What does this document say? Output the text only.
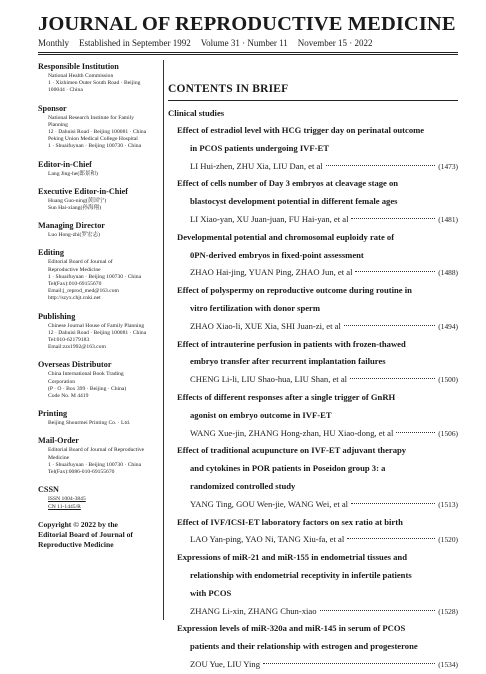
JOURNAL OF REPRODUCTIVE MEDICINE
Monthly Established in September 1992 Volume 31 · Number 11 November 15 · 2022
Responsible Institution
National Health Commission
1 · Xizhimen Outer South Road · Beijing
100044 · China
Sponsor
National Research Institute for Family
Planning
12 · Dahuisi Road · Beijing 100081 · China
Peking Union Medical College Hospital
1 · Shuaifuyuan · Beijing 100730 · China
Editor-in-Chief
Lang Jing-he(郎景和)
Executive Editor-in-Chief
Huang Guo-ning(黄国宁)
Sun Hai-xiang(孙海翔)
Managing Director
Luo Hong-zhi(罗宏志)
Editing
Editorial Board of Journal of
Reproductive Medicine
1 · Shuaifuyuan · Beijing 100730 · China
Tel(Fax):010-69155670
Email:j_reprod_med@163.com
http://szyx.chjt.cnki.net
Publishing
Chinese Journal House of Family Planning
12 · Dahuisi Road · Beijing 100081 · China
Tel:010-62179183
Email:zzs1992@163.com
Overseas Distributor
China International Book Trading
Corporation
(P · O · Box 399 · Beijing · China)
Code No. M 4419
Printing
Beijing Shourmei Printing Co. · Ltd.
Mail-Order
Editorial Board of Journal of Reproductive
Medicine
1 · Shuaifuyuan · Beijing 100730 · China
Tel(Fax):0086-010-69155670
CSSN
ISSN 1004-3845
CN 11-1445/R
Copyright © 2022 by the
Editorial Board of Journal of
Reproductive Medicine
CONTENTS IN BRIEF
Clinical studies
Effect of estradiol level with HCG trigger day on perinatal outcome
in PCOS patients undergoing IVF-ET
LI Hui-zhen, ZHU Xia, LIU Dan, et al	(1473)
Effect of cells number of Day 3 embryos at cleavage stage on
blastocyst development potential in different female ages
LI Xiao-yan, XU Juan-juan, FU Hai-yan, et al	(1481)
Developmental potential and chromosomal euploidy rate of
0PN-derived embryos in fixed-point assessment
ZHAO Hai-jing, YUAN Ping, ZHAO Jun, et al	(1488)
Effect of polyspermy on reproductive outcome during routine in
vitro fertilization with donor sperm
ZHAO Xiao-li, XUE Xia, SHI Juan-zi, et al	(1494)
Effect of intrauterine perfusion in patients with frozen-thawed
embryo transfer after recurrent implantation failures
CHENG Li-li, LIU Shao-hua, LIU Shan, et al	(1500)
Effects of different responses after a single trigger of GnRH
agonist on embryo outcome in IVF-ET
WANG Xue-jin, ZHANG Hong-zhan, HU Xiao-dong, et al	(1506)
Effect of traditional acupuncture on IVF-ET adjuvant therapy
and cytokines in POR patients in Poseidon group 3: a
randomized controlled study
YANG Ting, GOU Wen-jie, WANG Wei, et al	(1513)
Effect of IVF/ICSI-ET laboratory factors on sex ratio at birth
LAO Yan-ping, YAO Ni, TANG Xiu-fa, et al	(1520)
Expressions of miR-21 and miR-155 in endometrial tissues and
relationship with endometrial receptivity in infertile patients
with PCOS
ZHANG Li-xin, ZHANG Chun-xiao	(1528)
Expression levels of miR-320a and miR-145 in serum of PCOS
patients and their relationship with estrogen and progesterone
ZOU Yue, LIU Ying	(1534)
